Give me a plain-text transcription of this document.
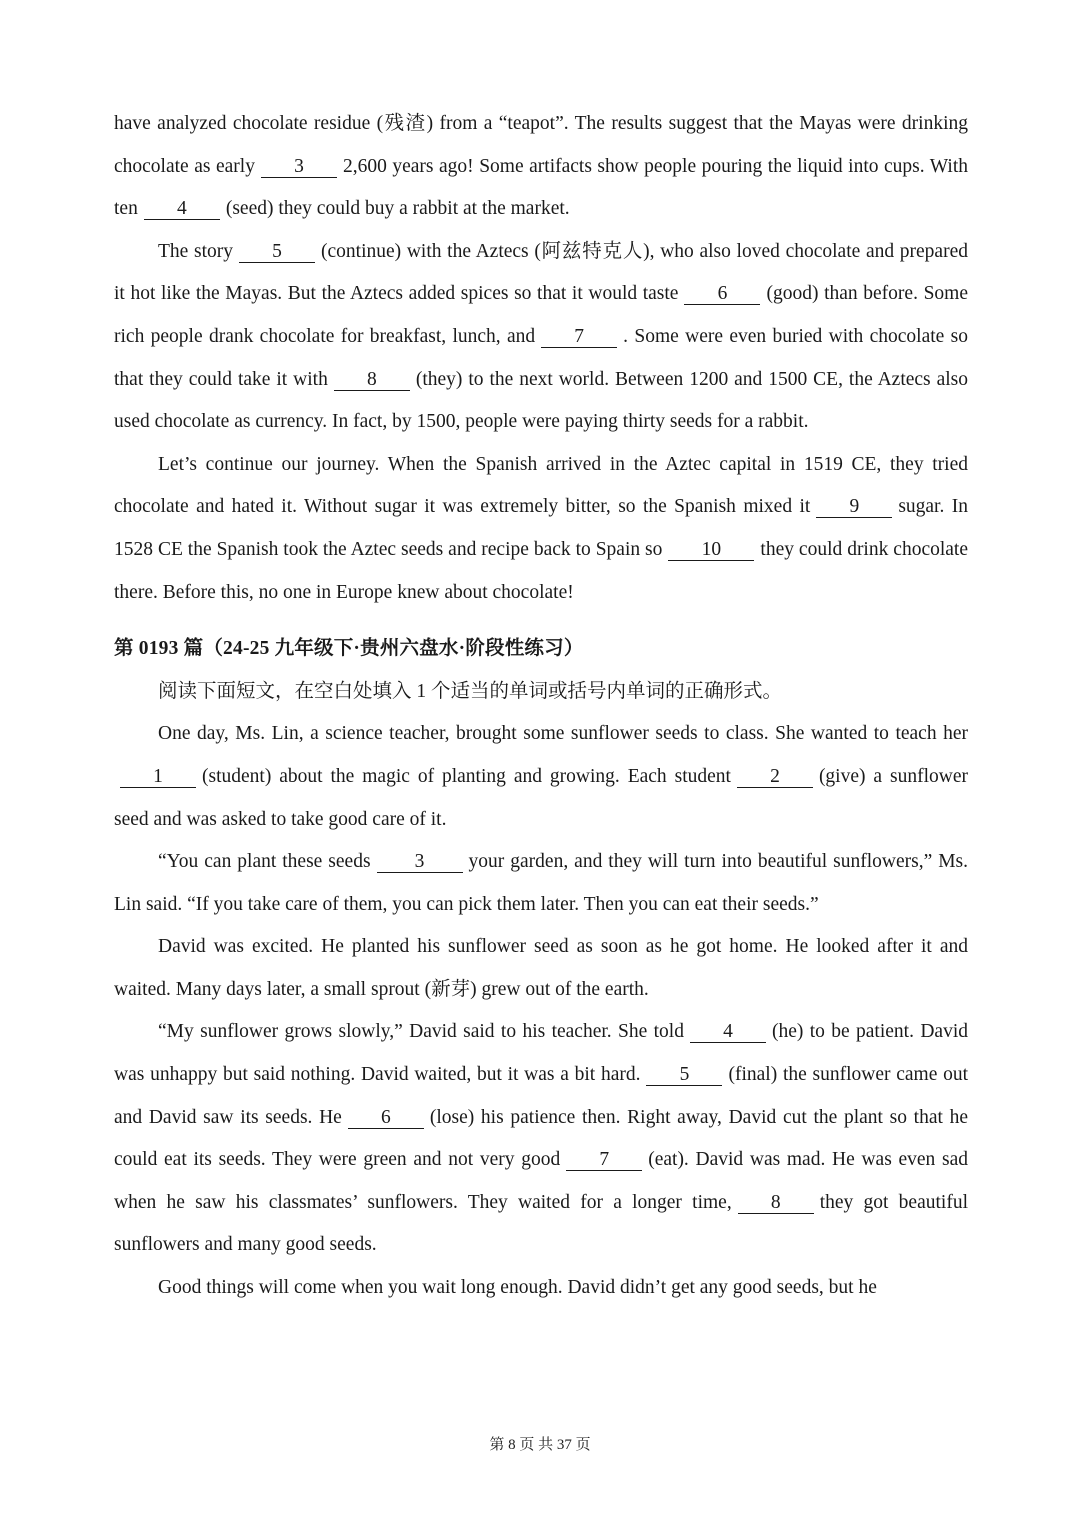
have analyzed chocolate residue (残渣) from a “teapot”. The results suggest that the Mayas were drinking chocolate as early 3 2,600 years ago! Some artifacts show people pouring the liquid into cups. With ten 4 (seed) they could buy a rabbit at the market.

The story 5 (continue) with the Aztecs (阿兹特克人), who also loved chocolate and prepared it hot like the Mayas. But the Aztecs added spices so that it would taste 6 (good) than before. Some rich people drank chocolate for breakfast, lunch, and 7 . Some were even buried with chocolate so that they could take it with 8 (they) to the next world. Between 1200 and 1500 CE, the Aztecs also used chocolate as currency. In fact, by 1500, people were paying thirty seeds for a rabbit.

Let’s continue our journey. When the Spanish arrived in the Aztec capital in 1519 CE, they tried chocolate and hated it. Without sugar it was extremely bitter, so the Spanish mixed it 9 sugar. In 1528 CE the Spanish took the Aztec seeds and recipe back to Spain so 10 they could drink chocolate there. Before this, no one in Europe knew about chocolate!

第 0193 篇（24-25 九年级下·贵州六盘水·阶段性练习）

阅读下面短文，在空白处填入 1 个适当的单词或括号内单词的正确形式。

One day, Ms. Lin, a science teacher, brought some sunflower seeds to class. She wanted to teach her1 (student) about the magic of planting and growing. Each student 2 (give) a sunflower seed and was asked to take good care of it.

“You can plant these seeds 3 your garden, and they will turn into beautiful sunflowers,” Ms. Lin said. “If you take care of them, you can pick them later. Then you can eat their seeds.”

David was excited. He planted his sunflower seed as soon as he got home. He looked after it and waited. Many days later, a small sprout (新芽) grew out of the earth.

“My sunflower grows slowly,” David said to his teacher. She told 4 (he) to be patient. David was unhappy but said nothing. David waited, but it was a bit hard. 5 (final) the sunflower came out and David saw its seeds. He 6 (lose) his patience then. Right away, David cut the plant so that he could eat its seeds. They were green and not very good 7 (eat). David was mad. He was even sad when he saw his classmates’ sunflowers. They waited for a longer time, 8 they got beautiful sunflowers and many good seeds.

Good things will come when you wait long enough. David didn’t get any good seeds, but he

第 8 页 共 37 页
